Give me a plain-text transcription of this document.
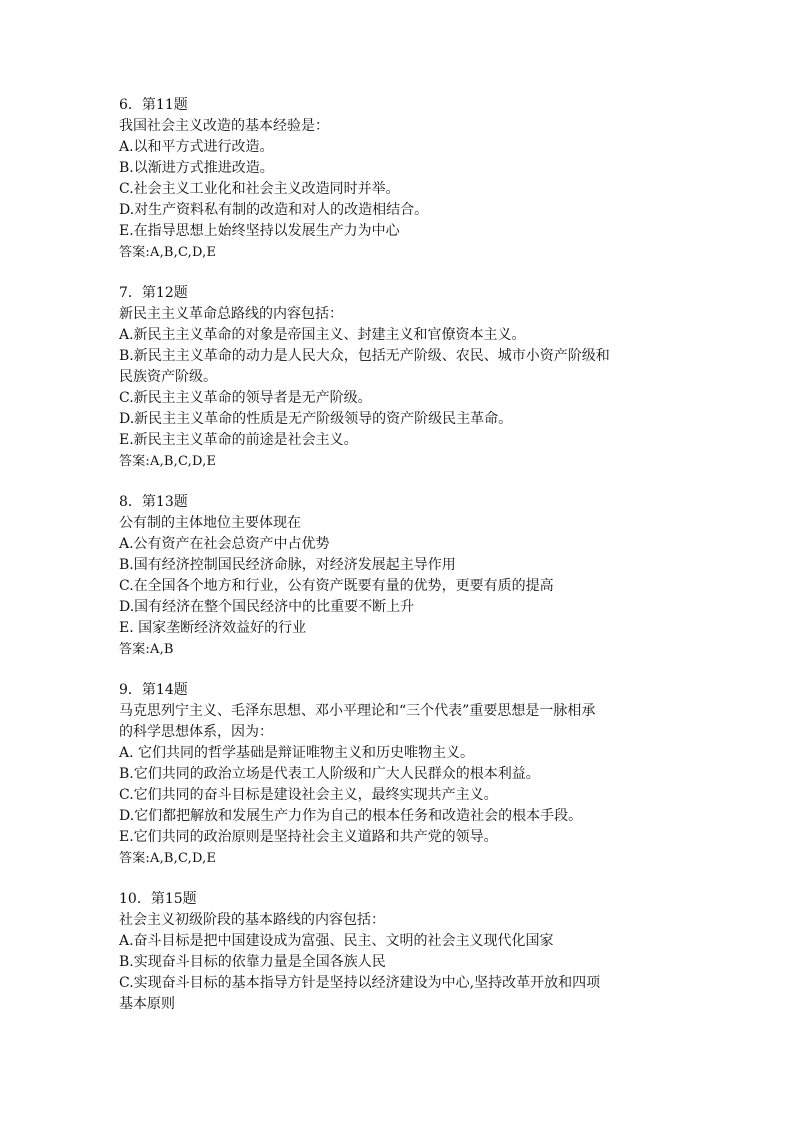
6．第11题
我国社会主义改造的基本经验是：
A.以和平方式进行改造。
B.以渐进方式推进改造。
C.社会主义工业化和社会主义改造同时并举。
D.对生产资料私有制的改造和对人的改造相结合。
E.在指导思想上始终坚持以发展生产力为中心
答案:A,B,C,D,E
7．第12题
新民主主义革命总路线的内容包括：
A.新民主主义革命的对象是帝国主义、封建主义和官僚资本主义。
B.新民主主义革命的动力是人民大众，包括无产阶级、农民、城市小资产阶级和
民族资产阶级。
C.新民主主义革命的领导者是无产阶级。
D.新民主主义革命的性质是无产阶级领导的资产阶级民主革命。
E.新民主主义革命的前途是社会主义。
答案:A,B,C,D,E
8．第13题
公有制的主体地位主要体现在
A.公有资产在社会总资产中占优势
B.国有经济控制国民经济命脉，对经济发展起主导作用
C.在全国各个地方和行业，公有资产既要有量的优势，更要有质的提高
D.国有经济在整个国民经济中的比重要不断上升
E. 国家垄断经济效益好的行业
答案:A,B
9．第14题
马克思列宁主义、毛泽东思想、邓小平理论和“三个代表”重要思想是一脉相承
的科学思想体系，因为：
A. 它们共同的哲学基础是辩证唯物主义和历史唯物主义。
B.它们共同的政治立场是代表工人阶级和广大人民群众的根本利益。
C.它们共同的奋斗目标是建设社会主义，最终实现共产主义。
D.它们都把解放和发展生产力作为自己的根本任务和改造社会的根本手段。
E.它们共同的政治原则是坚持社会主义道路和共产党的领导。
答案:A,B,C,D,E
10．第15题
社会主义初级阶段的基本路线的内容包括：
A.奋斗目标是把中国建设成为富强、民主、文明的社会主义现代化国家
B.实现奋斗目标的依靠力量是全国各族人民
C.实现奋斗目标的基本指导方针是坚持以经济建设为中心,坚持改革开放和四项
基本原则
